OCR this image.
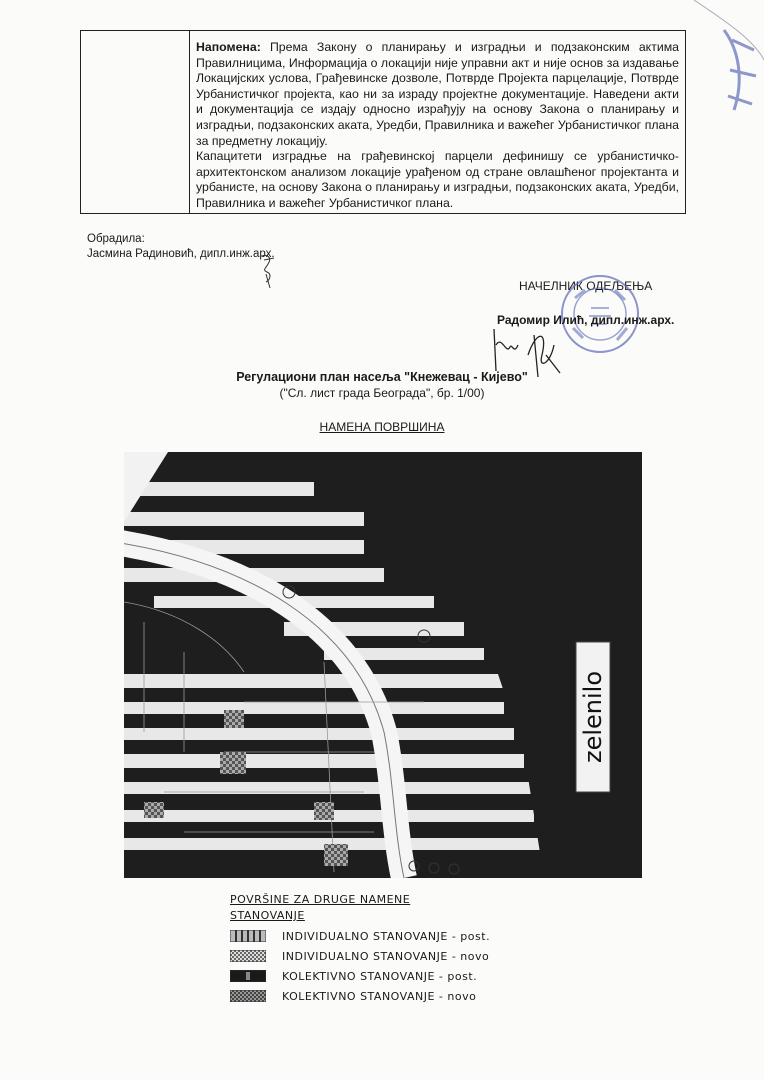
Напомена: Према Закону о планирању и изградњи и подзаконским актима Правилницима, Информација о локацији није управни акт и није основ за издавање Локацијских услова, Грађевинске дозволе, Потврде Пројекта парцелације, Потврде Урбанистичког пројекта, као ни за израду пројектне документације. Наведени акти и документација се издају односно израђују на основу Закона о планирању и изградњи, подзаконских аката, Уредби, Правилника и важећег Урбанистичког плана за предметну локацију.

Капацитети изградње на грађевинској парцели дефинишу се урбанистичко-архитектонском анализом локације урађеном од стране овлашћеног пројектанта и урбанисте, на основу Закона о планирању и изградњи, подзаконских аката, Уредби, Правилника и важећег Урбанистичког плана.

Обрадила:
Јасмина Радиновић, дипл.инж.арх.
НАЧЕЛНИК ОДЕЉЕЊА
Радомир Илић, дипл.инж.арх.
Регулациони план насеља "Кнежевац - Кијево"
("Сл. лист града Београда", бр. 1/00)
НАМЕНА ПОВРШИНА
zelenilo
POVRŠINE ZA DRUGE NAMENE
STANOVANJE
INDIVIDUALNO STANOVANJE - post.
INDIVIDUALNO STANOVANJE - novo
KOLEKTIVNO STANOVANJE - post.
KOLEKTIVNO STANOVANJE - novo
